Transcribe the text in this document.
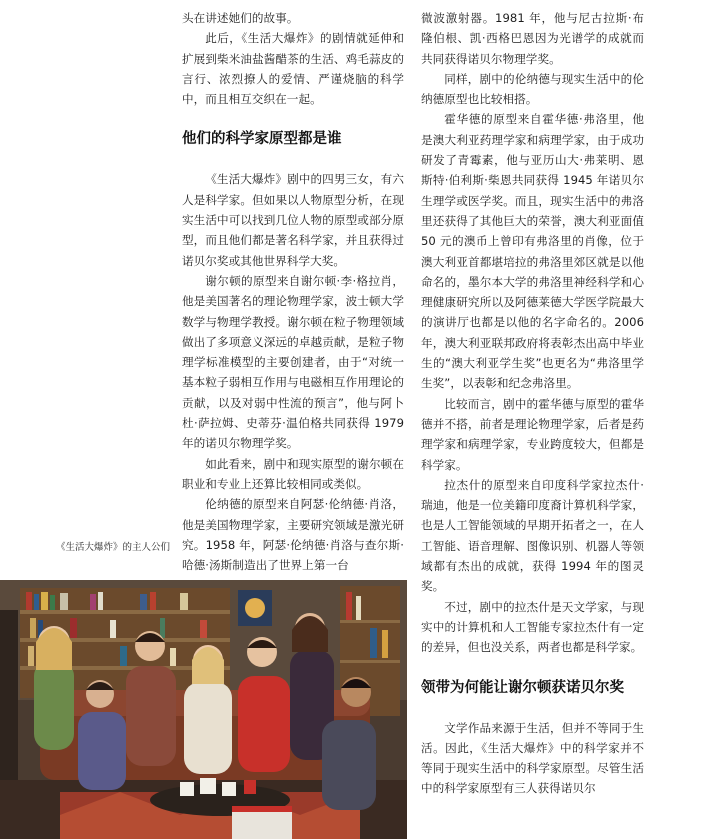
头在讲述她们的故事。

此后，《生活大爆炸》的剧情就延伸和扩展到柴米油盐酱醋茶的生活、鸡毛蒜皮的言行、浓烈撩人的爱情、严谨烧脑的科学中，而且相互交织在一起。

他们的科学家原型都是谁

《生活大爆炸》剧中的四男三女，有六人是科学家。但如果以人物原型分析，在现实生活中可以找到几位人物的原型或部分原型，而且他们都是著名科学家，并且获得过诺贝尔奖或其他世界科学大奖。

谢尔顿的原型来自谢尔顿·李·格拉肖，他是美国著名的理论物理学家，波士顿大学数学与物理学教授。谢尔顿在粒子物理领域做出了多项意义深远的卓越贡献，是粒子物理学标准模型的主要创建者，由于“对统一基本粒子弱相互作用与电磁相互作用理论的贡献，以及对弱中性流的预言”，他与阿卜杜·萨拉姆、史蒂芬·温伯格共同获得 1979 年的诺贝尔物理学奖。

如此看来，剧中和现实原型的谢尔顿在职业和专业上还算比较相同或类似。

伦纳德的原型来自阿瑟·伦纳德·肖洛，他是美国物理学家，主要研究领域是激光研究。1958 年，阿瑟·伦纳德·肖洛与查尔斯·哈德·汤斯制造出了世界上第一台

微波激射器。1981 年，他与尼古拉斯·布隆伯根、凯·西格巴恩因为光谱学的成就而共同获得诺贝尔物理学奖。

同样，剧中的伦纳德与现实生活中的伦纳德原型也比较相搭。

霍华德的原型来自霍华德·弗洛里，他是澳大利亚药理学家和病理学家，由于成功研发了青霉素，他与亚历山大·弗莱明、恩斯特·伯利斯·柴恩共同获得 1945 年诺贝尔生理学或医学奖。而且，现实生活中的弗洛里还获得了其他巨大的荣誉，澳大利亚面值 50 元的澳币上曾印有弗洛里的肖像，位于澳大利亚首都堪培拉的弗洛里郊区就是以他命名的，墨尔本大学的弗洛里神经科学和心理健康研究所以及阿德莱德大学医学院最大的演讲厅也都是以他的名字命名的。2006 年，澳大利亚联邦政府将表彰杰出高中毕业生的“澳大利亚学生奖”也更名为“弗洛里学生奖”，以表彰和纪念弗洛里。

比较而言，剧中的霍华德与原型的霍华德并不搭，前者是理论物理学家，后者是药理学家和病理学家，专业跨度较大，但都是科学家。

拉杰什的原型来自印度科学家拉杰什·瑞迪，他是一位美籍印度裔计算机科学家，也是人工智能领域的早期开拓者之一，在人工智能、语音理解、图像识别、机器人等领域都有杰出的成就，获得 1994 年的图灵奖。

不过，剧中的拉杰什是天文学家，与现实中的计算机和人工智能专家拉杰什有一定的差异，但也没关系，两者也都是科学家。

领带为何能让谢尔顿获诺贝尔奖

文学作品来源于生活，但并不等同于生活。因此，《生活大爆炸》中的科学家并不等同于现实生活中的科学家原型。尽管生活中的科学家原型有三人获得诺贝尔

《生活大爆炸》的主人公们
